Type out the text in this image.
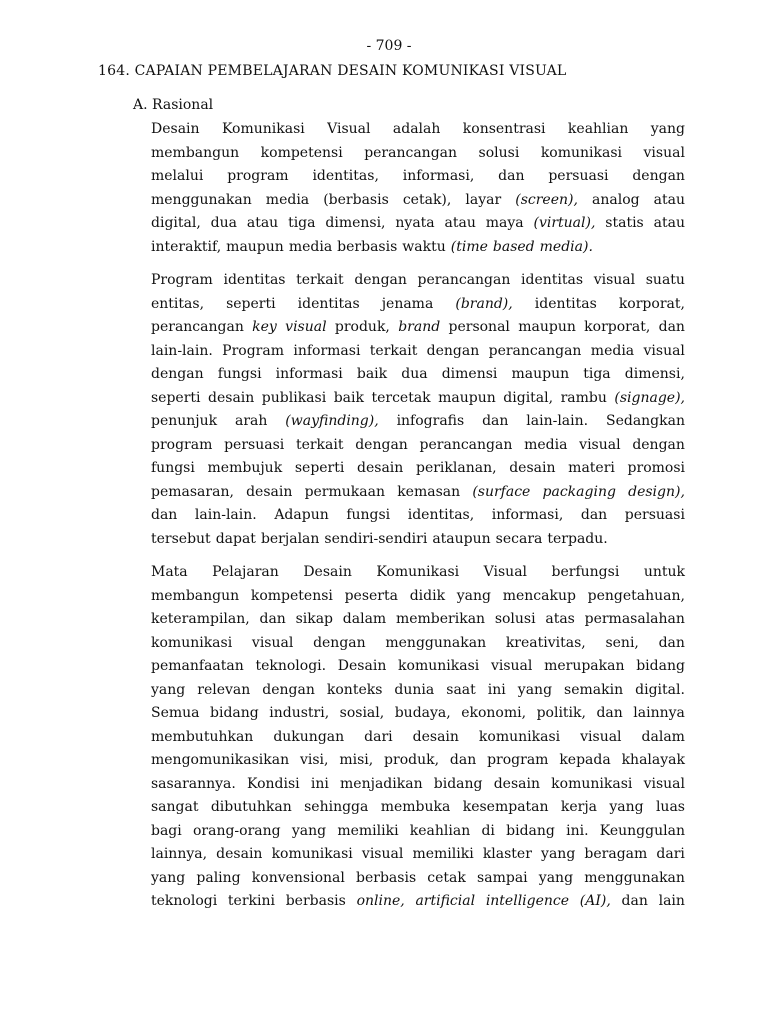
- 709 -
164. CAPAIAN PEMBELAJARAN DESAIN KOMUNIKASI VISUAL
A. Rasional
Desain Komunikasi Visual adalah konsentrasi keahlian yang
membangun kompetensi perancangan solusi komunikasi visual
melalui program identitas, informasi, dan persuasi dengan
menggunakan media (berbasis cetak), layar (screen), analog atau
digital, dua atau tiga dimensi, nyata atau maya (virtual), statis atau
interaktif, maupun media berbasis waktu (time based media).
Program identitas terkait dengan perancangan identitas visual suatu
entitas, seperti identitas jenama (brand), identitas korporat,
perancangan key visual produk, brand personal maupun korporat, dan
lain-lain. Program informasi terkait dengan perancangan media visual
dengan fungsi informasi baik dua dimensi maupun tiga dimensi,
seperti desain publikasi baik tercetak maupun digital, rambu (signage),
penunjuk arah (wayfinding), infografis dan lain-lain. Sedangkan
program persuasi terkait dengan perancangan media visual dengan
fungsi membujuk seperti desain periklanan, desain materi promosi
pemasaran, desain permukaan kemasan (surface packaging design),
dan lain-lain. Adapun fungsi identitas, informasi, dan persuasi
tersebut dapat berjalan sendiri-sendiri ataupun secara terpadu.
Mata Pelajaran Desain Komunikasi Visual berfungsi untuk
membangun kompetensi peserta didik yang mencakup pengetahuan,
keterampilan, dan sikap dalam memberikan solusi atas permasalahan
komunikasi visual dengan menggunakan kreativitas, seni, dan
pemanfaatan teknologi. Desain komunikasi visual merupakan bidang
yang relevan dengan konteks dunia saat ini yang semakin digital.
Semua bidang industri, sosial, budaya, ekonomi, politik, dan lainnya
membutuhkan dukungan dari desain komunikasi visual dalam
mengomunikasikan visi, misi, produk, dan program kepada khalayak
sasarannya. Kondisi ini menjadikan bidang desain komunikasi visual
sangat dibutuhkan sehingga membuka kesempatan kerja yang luas
bagi orang-orang yang memiliki keahlian di bidang ini. Keunggulan
lainnya, desain komunikasi visual memiliki klaster yang beragam dari
yang paling konvensional berbasis cetak sampai yang menggunakan
teknologi terkini berbasis online, artificial intelligence (AI), dan lain
